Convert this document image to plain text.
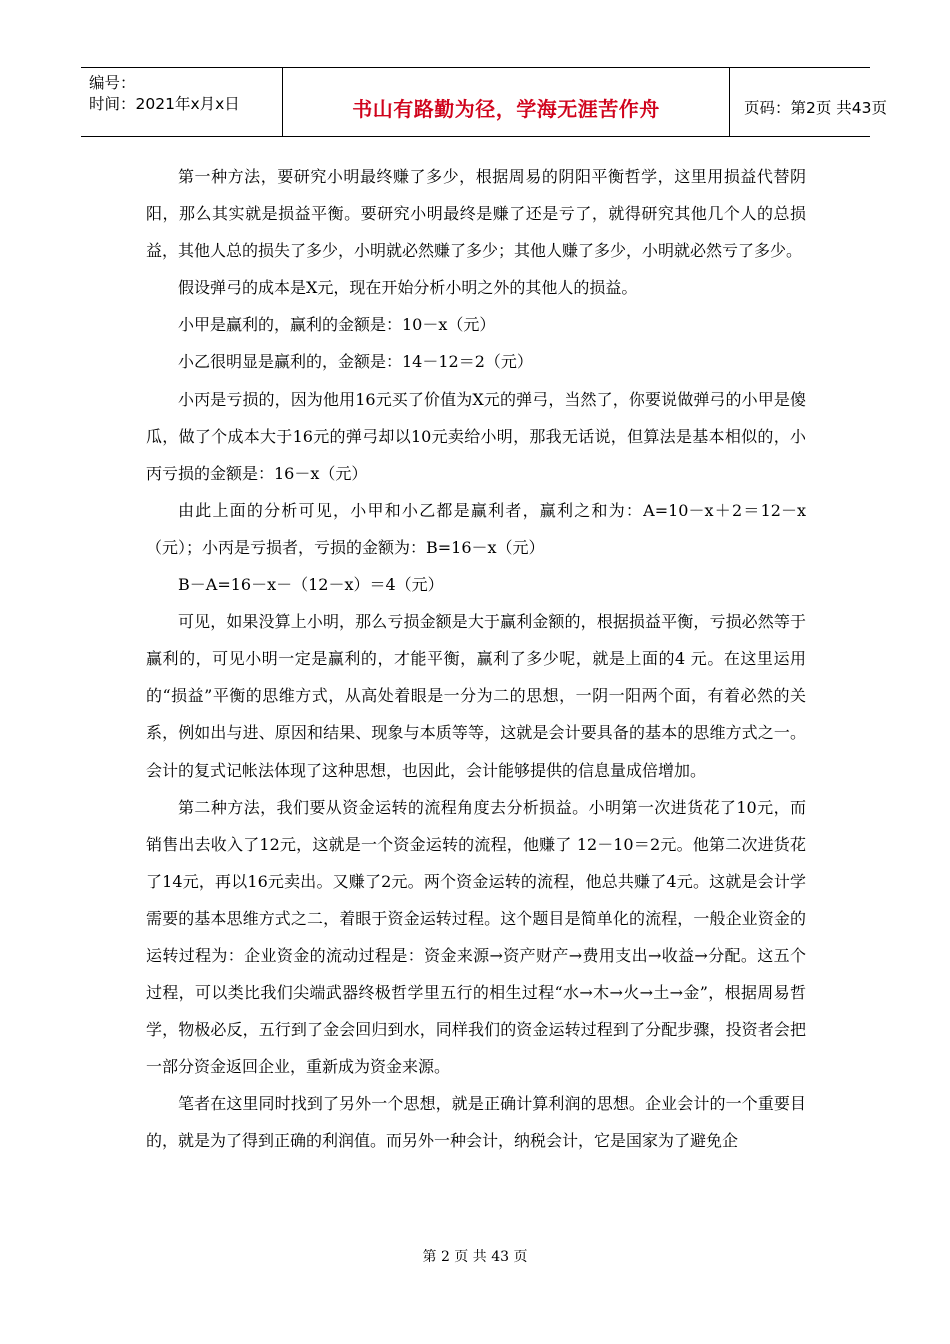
编号：
时间：2021年x月x日	书山有路勤为径，学海无涯苦作舟	页码：第2页 共43页

第一种方法，要研究小明最终赚了多少，根据周易的阴阳平衡哲学，这里用损益代替阴阳，那么其实就是损益平衡。要研究小明最终是赚了还是亏了，就得研究其他几个人的总损益，其他人总的损失了多少，小明就必然赚了多少；其他人赚了多少，小明就必然亏了多少。

假设弹弓的成本是X元，现在开始分析小明之外的其他人的损益。

小甲是赢利的，赢利的金额是：10－x（元）

小乙很明显是赢利的，金额是：14－12＝2（元）

小丙是亏损的，因为他用16元买了价值为X元的弹弓，当然了，你要说做弹弓的小甲是傻瓜，做了个成本大于16元的弹弓却以10元卖给小明，那我无话说，但算法是基本相似的，小丙亏损的金额是：16－x（元）

由此上面的分析可见，小甲和小乙都是赢利者，赢利之和为：A=10－x＋2＝12－x（元）；小丙是亏损者，亏损的金额为：B=16－x（元）

B－A=16－x－（12－x）＝4（元）

可见，如果没算上小明，那么亏损金额是大于赢利金额的，根据损益平衡，亏损必然等于赢利的，可见小明一定是赢利的，才能平衡，赢利了多少呢，就是上面的4 元。在这里运用的“损益”平衡的思维方式，从高处着眼是一分为二的思想，一阴一阳两个面，有着必然的关系，例如出与进、原因和结果、现象与本质等等，这就是会计要具备的基本的思维方式之一。会计的复式记帐法体现了这种思想，也因此，会计能够提供的信息量成倍增加。

第二种方法，我们要从资金运转的流程角度去分析损益。小明第一次进货花了10元，而销售出去收入了12元，这就是一个资金运转的流程，他赚了 12－10＝2元。他第二次进货花了14元，再以16元卖出。又赚了2元。两个资金运转的流程，他总共赚了4元。这就是会计学需要的基本思维方式之二，着眼于资金运转过程。这个题目是简单化的流程，一般企业资金的运转过程为：企业资金的流动过程是：资金来源→资产财产→费用支出→收益→分配。这五个过程，可以类比我们尖端武器终极哲学里五行的相生过程“水→木→火→土→金”，根据周易哲学，物极必反，五行到了金会回归到水，同样我们的资金运转过程到了分配步骤，投资者会把一部分资金返回企业，重新成为资金来源。

笔者在这里同时找到了另外一个思想，就是正确计算利润的思想。企业会计的一个重要目的，就是为了得到正确的利润值。而另外一种会计，纳税会计，它是国家为了避免企

第 2 页 共 43 页
